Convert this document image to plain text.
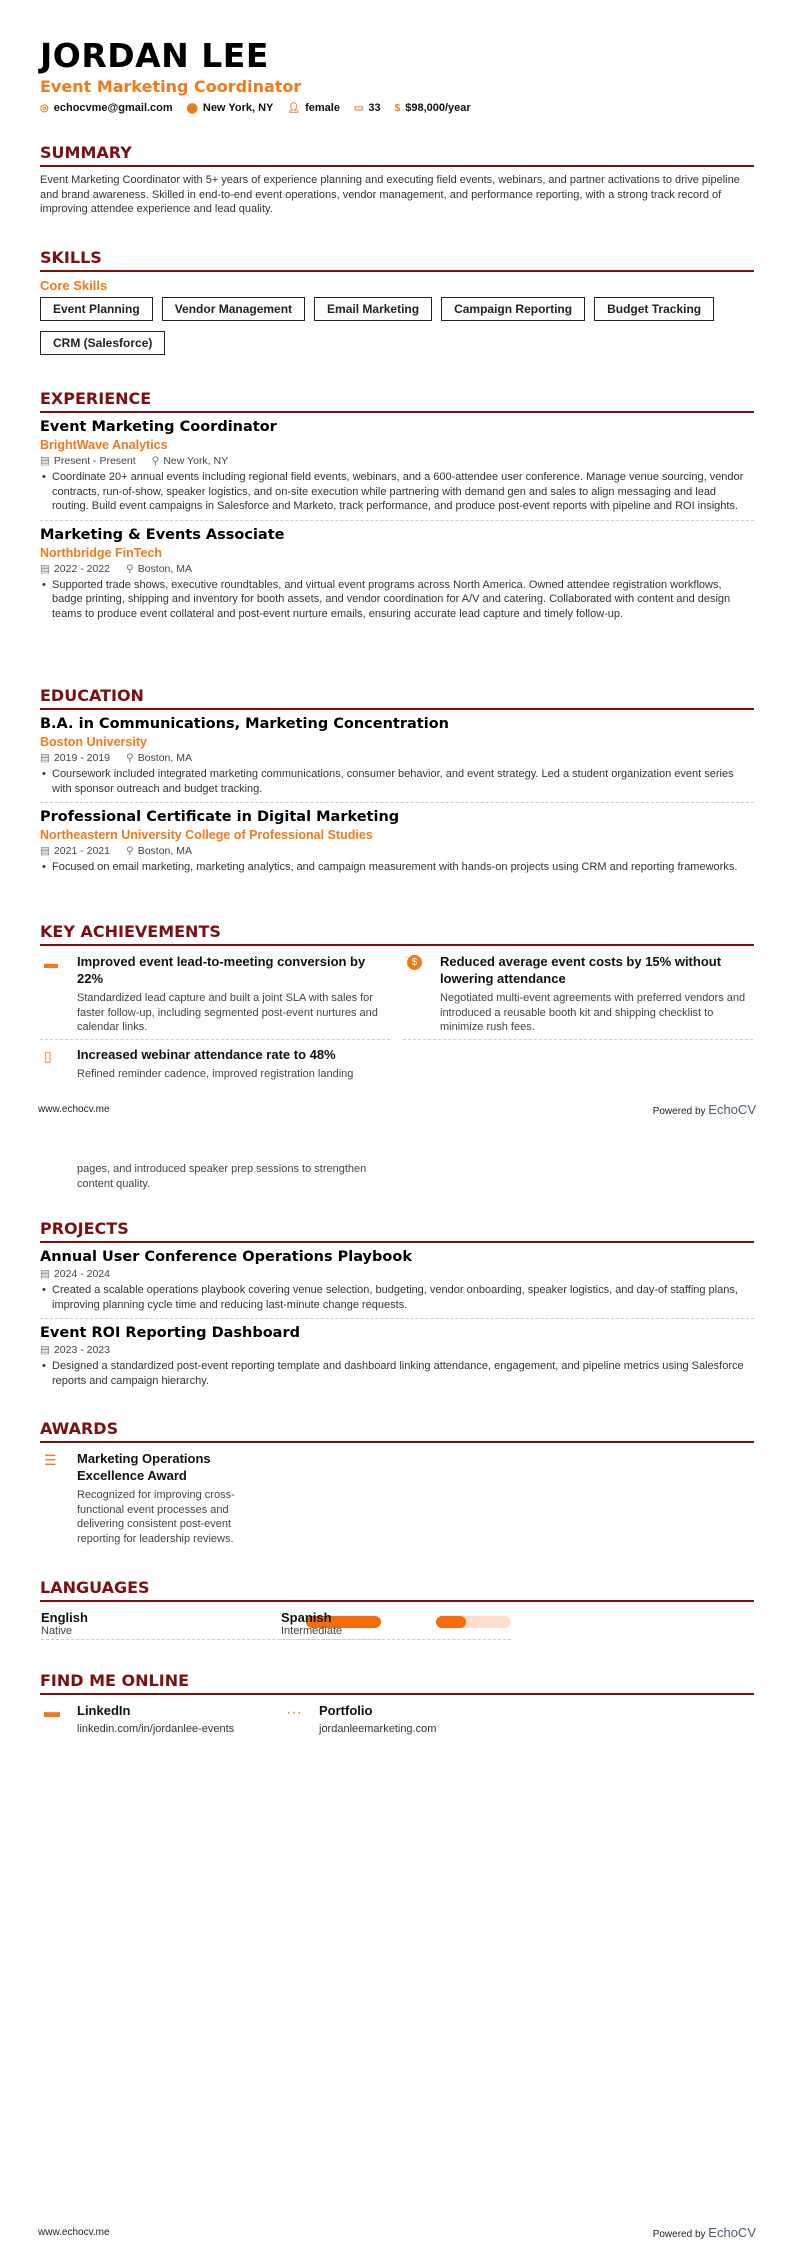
JORDAN LEE
Event Marketing Coordinator
◎ echocvme@gmail.com ⬤ New York, NY 👤︎ female ▭ 33 $ $98,000/year
SUMMARY
Event Marketing Coordinator with 5+ years of experience planning and executing field events, webinars, and partner activations to drive pipeline and brand awareness. Skilled in end-to-end event operations, vendor management, and performance reporting, with a strong track record of improving attendee experience and lead quality.
SKILLS
Core Skills
Event Planning	Vendor Management	Email Marketing	Campaign Reporting	Budget Tracking
CRM (Salesforce)
EXPERIENCE
Event Marketing Coordinator
BrightWave Analytics
▤ Present - Present ⚲ New York, NY
• Coordinate 20+ annual events including regional field events, webinars, and a 600-attendee user conference. Manage venue sourcing, vendor contracts, run-of-show, speaker logistics, and on-site execution while partnering with demand gen and sales to align messaging and lead routing. Build event campaigns in Salesforce and Marketo, track performance, and produce post-event reports with pipeline and ROI insights.
Marketing & Events Associate
Northbridge FinTech
▤ 2022 - 2022 ⚲ Boston, MA
• Supported trade shows, executive roundtables, and virtual event programs across North America. Owned attendee registration workflows, badge printing, shipping and inventory for booth assets, and vendor coordination for A/V and catering. Collaborated with content and design teams to produce event collateral and post-event nurture emails, ensuring accurate lead capture and timely follow-up.
EDUCATION
B.A. in Communications, Marketing Concentration
Boston University
▤ 2019 - 2019 ⚲ Boston, MA
• Coursework included integrated marketing communications, consumer behavior, and event strategy. Led a student organization event series with sponsor outreach and budget tracking.
Professional Certificate in Digital Marketing
Northeastern University College of Professional Studies
▤ 2021 - 2021 ⚲ Boston, MA
• Focused on email marketing, marketing analytics, and campaign measurement with hands-on projects using CRM and reporting frameworks.
KEY ACHIEVEMENTS
▬ Improved event lead-to-meeting conversion by 22%
Standardized lead capture and built a joint SLA with sales for faster follow-up, including segmented post-event nurtures and calendar links.
$	Reduced average event costs by 15% without lowering attendance
Negotiated multi-event agreements with preferred vendors and introduced a reusable booth kit and shipping checklist to minimize rush fees.
▯ Increased webinar attendance rate to 48%
Refined reminder cadence, improved registration landing
www.echocv.me	Powered by EchoCV
pages, and introduced speaker prep sessions to strengthen content quality.
PROJECTS
Annual User Conference Operations Playbook
▤ 2024 - 2024
• Created a scalable operations playbook covering venue selection, budgeting, vendor onboarding, speaker logistics, and day-of staffing plans, improving planning cycle time and reducing last-minute change requests.
Event ROI Reporting Dashboard
▤ 2023 - 2023
• Designed a standardized post-event reporting template and dashboard linking attendance, engagement, and pipeline metrics using Salesforce reports and campaign hierarchy.
AWARDS
☰ Marketing Operations Excellence Award
Recognized for improving cross-functional event processes and delivering consistent post-event reporting for leadership reviews.
LANGUAGES
English
Native
Spanish
Intermediate
FIND ME ONLINE
▬ LinkedIn
linkedin.com/in/jordanlee-events
··· Portfolio
jordanleemarketing.com
www.echocv.me	Powered by EchoCV
